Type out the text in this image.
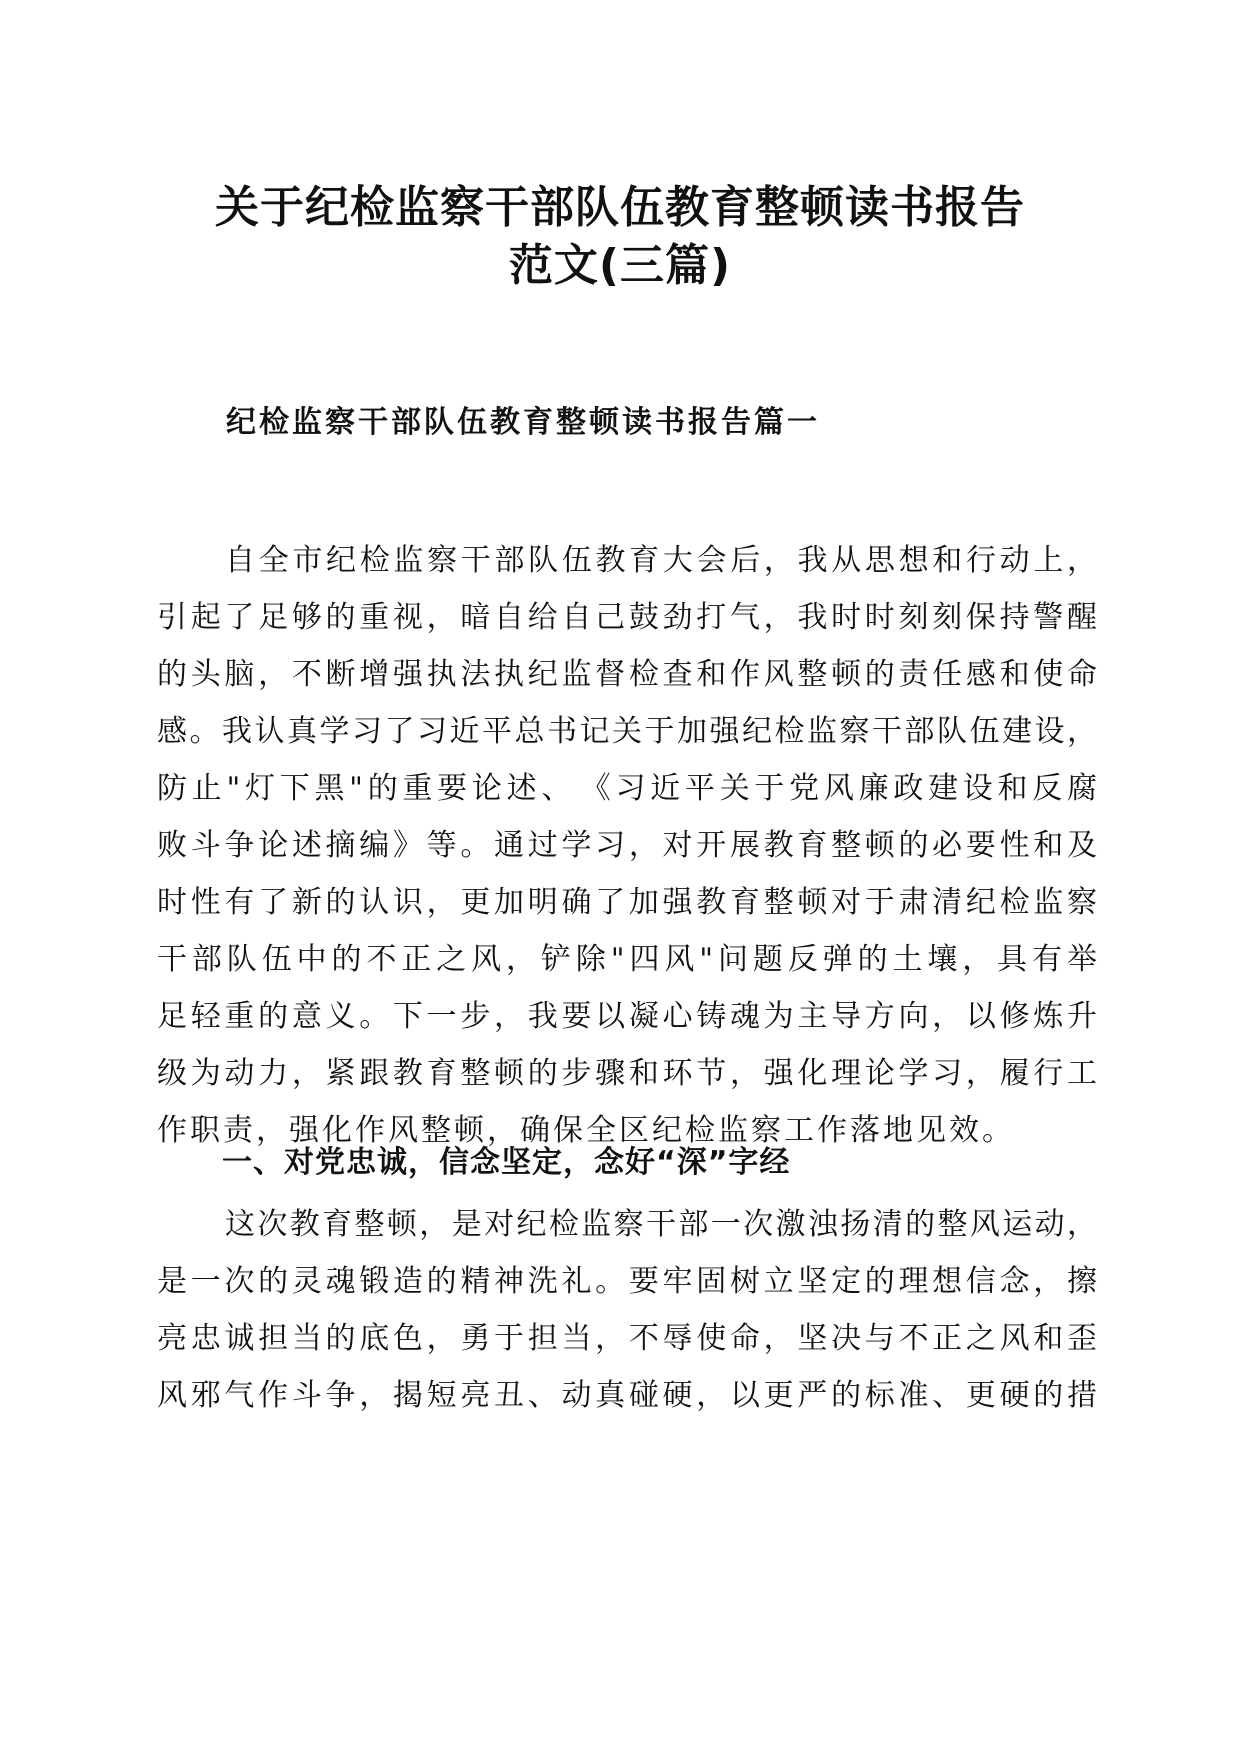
关于纪检监察干部队伍教育整顿读书报告
范文(三篇)
纪检监察干部队伍教育整顿读书报告篇一

自全市纪检监察干部队伍教育大会后，我从思想和行动上，

引起了足够的重视，暗自给自己鼓劲打气，我时时刻刻保持警醒

的头脑，不断增强执法执纪监督检查和作风整顿的责任感和使命

感。我认真学习了习近平总书记关于加强纪检监察干部队伍建设，

防止"灯下黑"的重要论述、　《习近平关于党风廉政建设和反腐

败斗争论述摘编》等。通过学习，对开展教育整顿的必要性和及

时性有了新的认识，更加明确了加强教育整顿对于肃清纪检监察

干部队伍中的不正之风，铲除"四风"问题反弹的土壤，具有举

足轻重的意义。下一步，我要以凝心铸魂为主导方向，以修炼升

级为动力，紧跟教育整顿的步骤和环节，强化理论学习，履行工

作职责，强化作风整顿，确保全区纪检监察工作落地见效。

一、对党忠诚，信念坚定，念好“深”字经

这次教育整顿，是对纪检监察干部一次激浊扬清的整风运动，

是一次的灵魂锻造的精神洗礼。要牢固树立坚定的理想信念，擦

亮忠诚担当的底色，勇于担当，不辱使命，坚决与不正之风和歪

风邪气作斗争，揭短亮丑、动真碰硬，以更严的标准、更硬的措
